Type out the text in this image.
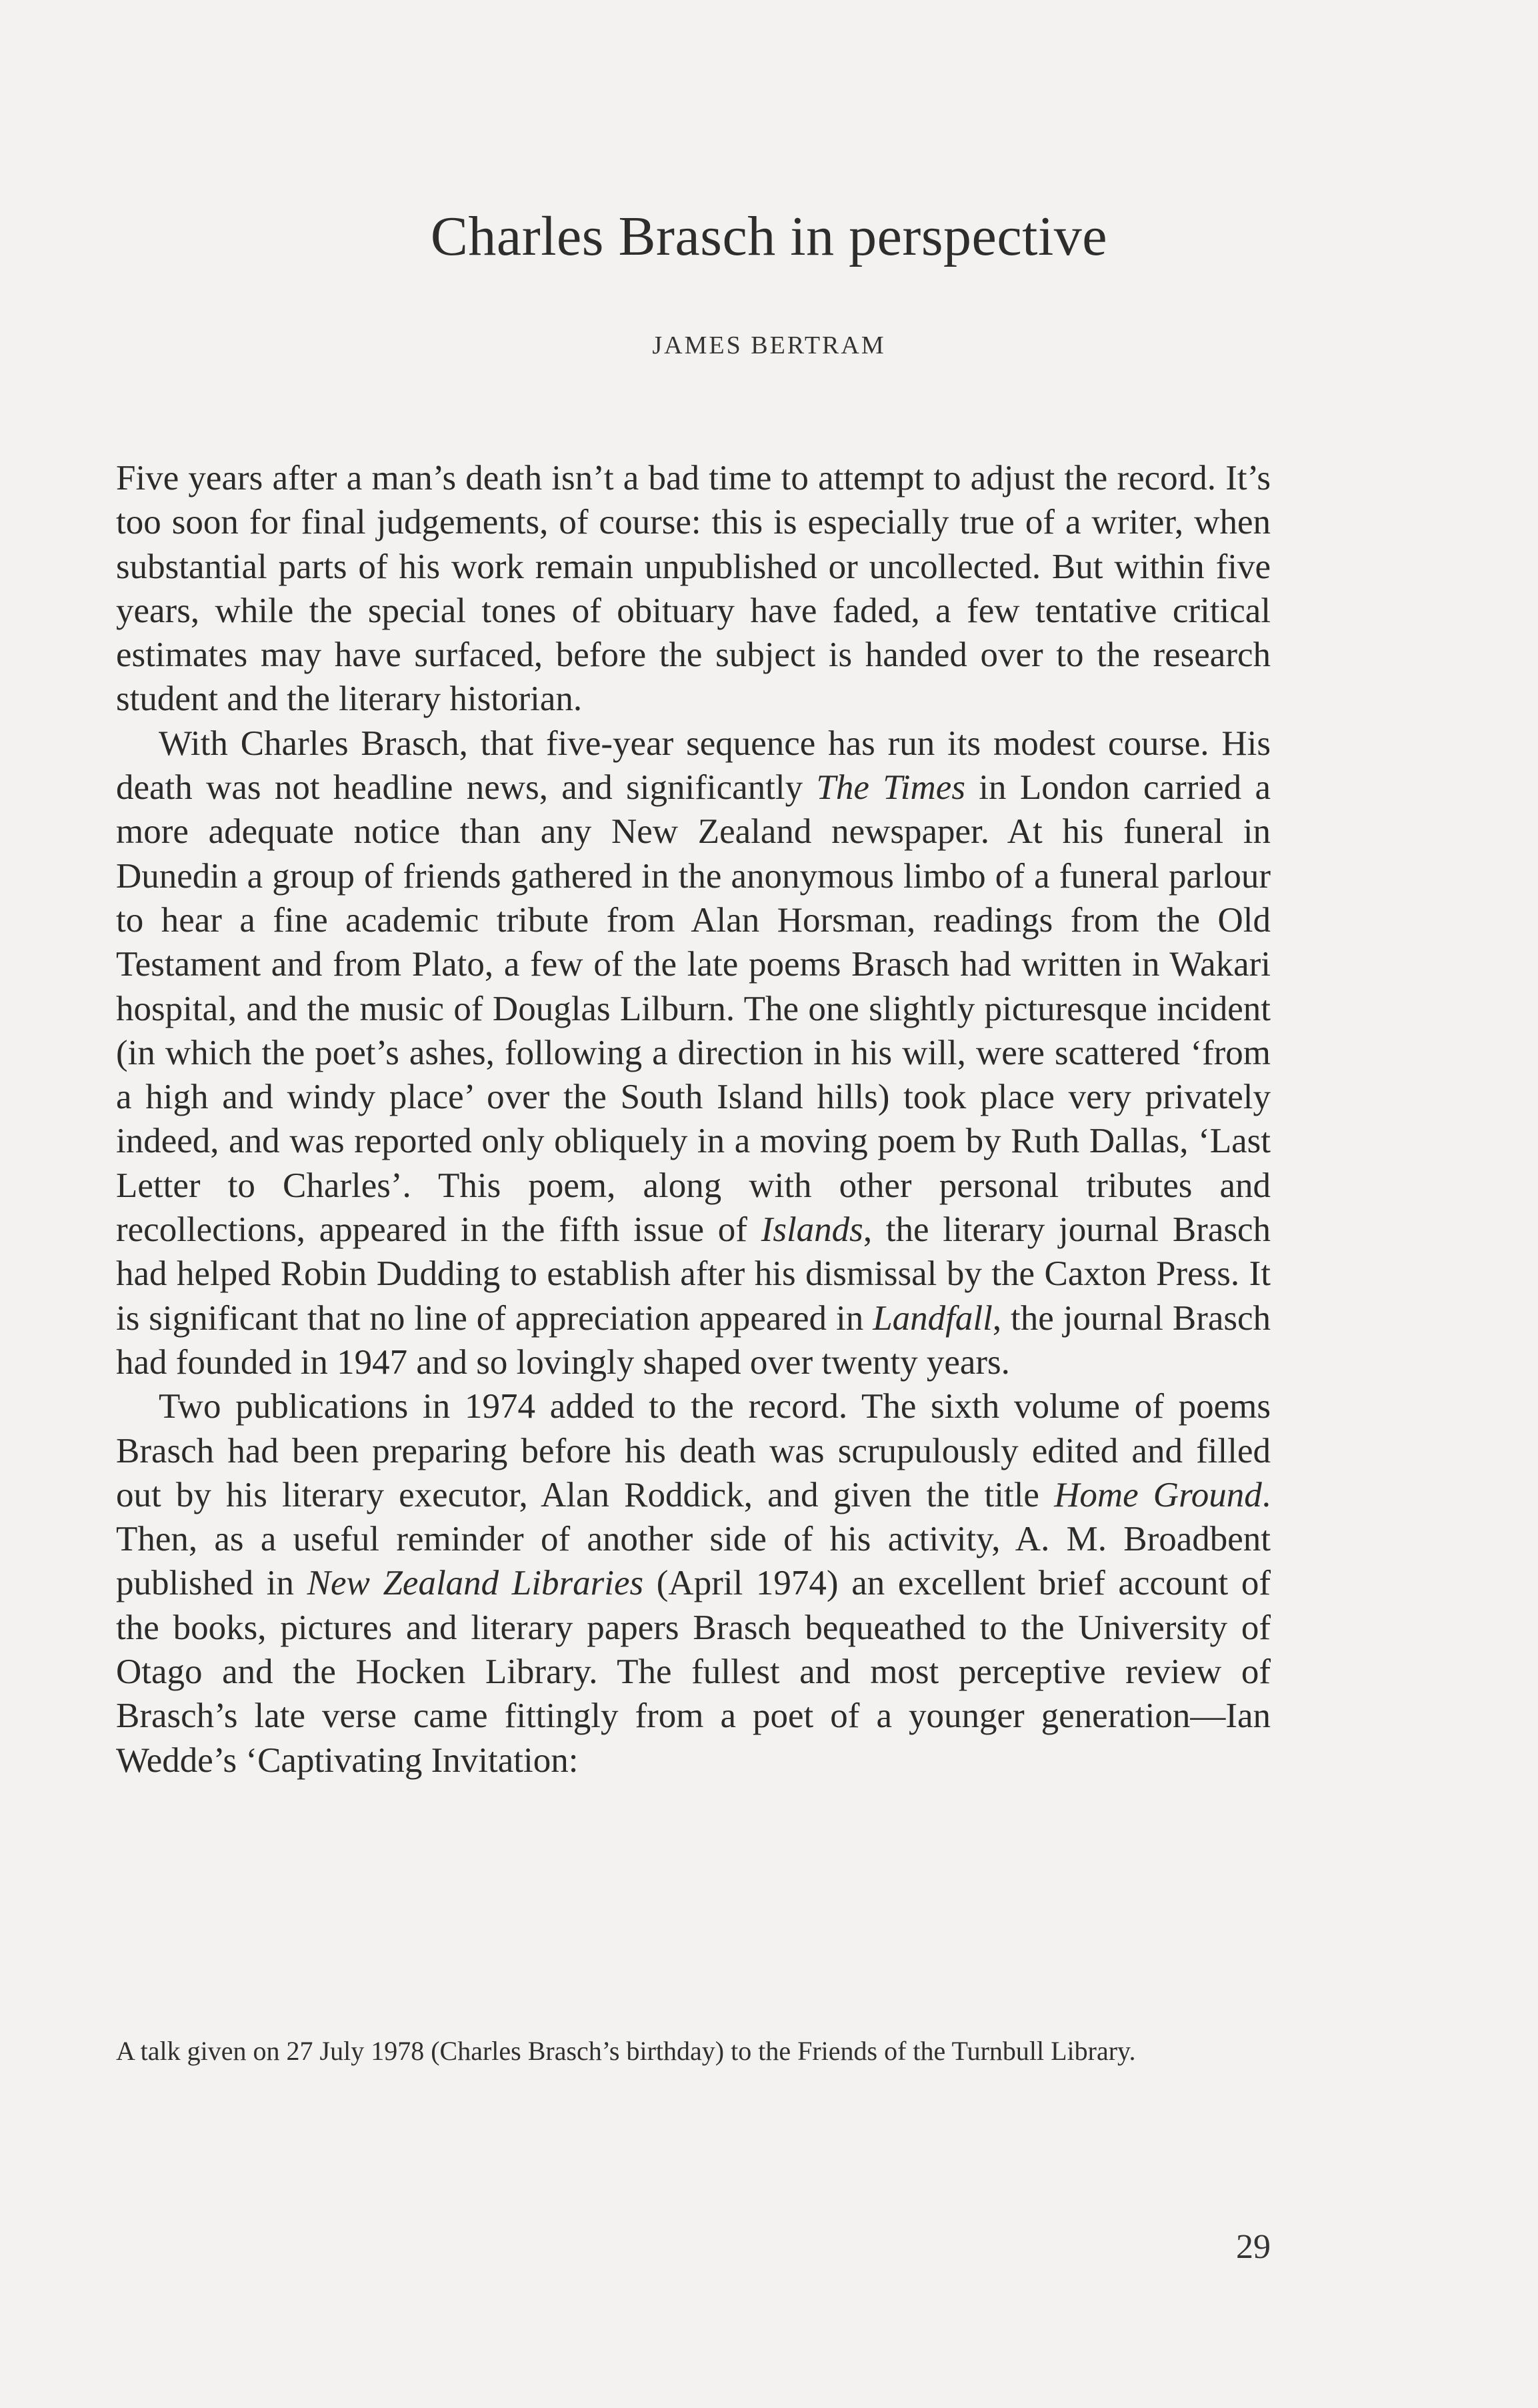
Charles Brasch in perspective
JAMES BERTRAM

Five years after a man’s death isn’t a bad time to attempt to adjust the record. It’s too soon for final judgements, of course: this is especially true of a writer, when substantial parts of his work remain unpublished or uncollected. But within five years, while the special tones of obituary have faded, a few tentative critical estimates may have surfaced, before the subject is handed over to the research student and the literary historian.

With Charles Brasch, that five-year sequence has run its modest course. His death was not headline news, and significantly The Times in London carried a more adequate notice than any New Zealand newspaper. At his funeral in Dunedin a group of friends gathered in the anonymous limbo of a funeral parlour to hear a fine academic tribute from Alan Horsman, readings from the Old Testament and from Plato, a few of the late poems Brasch had written in Wakari hospital, and the music of Douglas Lilburn. The one slightly picturesque incident (in which the poet’s ashes, following a direction in his will, were scattered ‘from a high and windy place’ over the South Island hills) took place very privately indeed, and was reported only obliquely in a moving poem by Ruth Dallas, ‘Last Letter to Charles’. This poem, along with other personal tributes and recollections, appeared in the fifth issue of Islands, the literary journal Brasch had helped Robin Dudding to establish after his dismissal by the Caxton Press. It is significant that no line of appreciation appeared in Landfall, the journal Brasch had founded in 1947 and so lovingly shaped over twenty years.

Two publications in 1974 added to the record. The sixth volume of poems Brasch had been preparing before his death was scrupulously edited and filled out by his literary executor, Alan Roddick, and given the title Home Ground. Then, as a useful reminder of another side of his activity, A. M. Broadbent published in New Zealand Libraries (April 1974) an excellent brief account of the books, pictures and literary papers Brasch bequeathed to the University of Otago and the Hocken Library. The fullest and most perceptive review of Brasch’s late verse came fittingly from a poet of a younger generation—Ian Wedde’s ‘Captivating Invitation:

A talk given on 27 July 1978 (Charles Brasch’s birthday) to the Friends of the Turnbull Library.
29
